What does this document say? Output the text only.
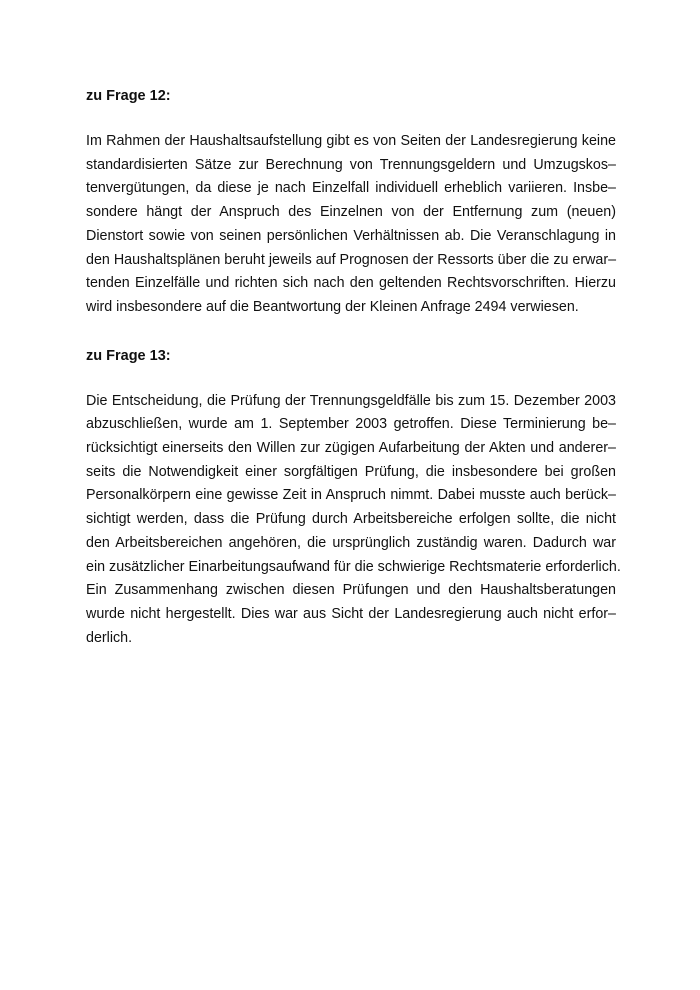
zu Frage 12:
Im Rahmen der Haushaltsaufstellung gibt es von Seiten der Landesregierung keine
standardisierten Sätze zur Berechnung von Trennungsgeldern und Umzugskos–
tenvergütungen, da diese je nach Einzelfall individuell erheblich variieren. Insbe–
sondere hängt der Anspruch des Einzelnen von der Entfernung zum (neuen)
Dienstort sowie von seinen persönlichen Verhältnissen ab. Die Veranschlagung in
den Haushaltsplänen beruht jeweils auf Prognosen der Ressorts über die zu erwar–
tenden Einzelfälle und richten sich nach den geltenden Rechtsvorschriften. Hierzu
wird insbesondere auf die Beantwortung der Kleinen Anfrage 2494 verwiesen.
zu Frage 13:
Die Entscheidung, die Prüfung der Trennungsgeldfälle bis zum 15. Dezember 2003
abzuschließen, wurde am 1. September 2003 getroffen. Diese Terminierung be–
rücksichtigt einerseits den Willen zur zügigen Aufarbeitung der Akten und anderer–
seits die Notwendigkeit einer sorgfältigen Prüfung, die insbesondere bei großen
Personalkörpern eine gewisse Zeit in Anspruch nimmt. Dabei musste auch berück–
sichtigt werden, dass die Prüfung durch Arbeitsbereiche erfolgen sollte, die nicht
den Arbeitsbereichen angehören, die ursprünglich zuständig waren. Dadurch war
ein zusätzlicher Einarbeitungsaufwand für die schwierige Rechtsmaterie erforderlich.
Ein Zusammenhang zwischen diesen Prüfungen und den Haushaltsberatungen
wurde nicht hergestellt. Dies war aus Sicht der Landesregierung auch nicht erfor–
derlich.
